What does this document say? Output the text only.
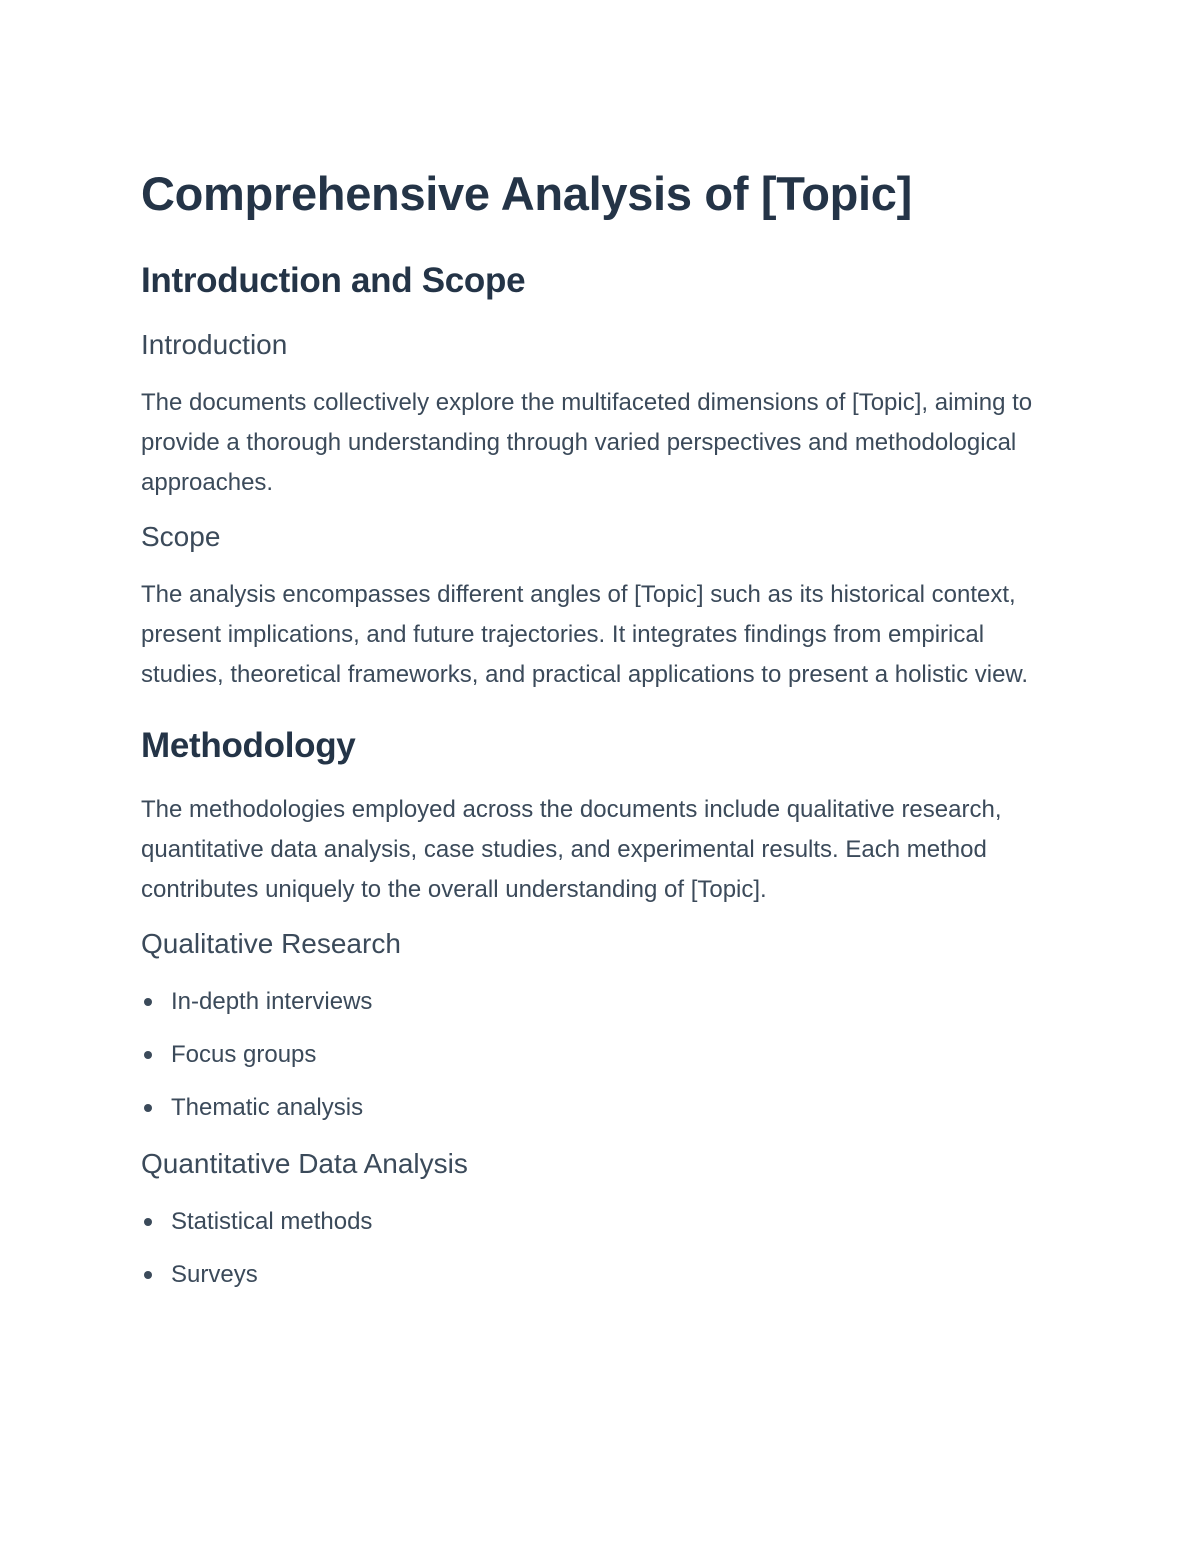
Comprehensive Analysis of [Topic]
Introduction and Scope
Introduction

The documents collectively explore the multifaceted dimensions of [Topic], aiming to provide a thorough understanding through varied perspectives and methodological approaches.

Scope

The analysis encompasses different angles of [Topic] such as its historical context, present implications, and future trajectories. It integrates findings from empirical studies, theoretical frameworks, and practical applications to present a holistic view.

Methodology

The methodologies employed across the documents include qualitative research, quantitative data analysis, case studies, and experimental results. Each method contributes uniquely to the overall understanding of [Topic].

Qualitative Research
In-depth interviews
Focus groups
Thematic analysis
Quantitative Data Analysis
Statistical methods
Surveys
